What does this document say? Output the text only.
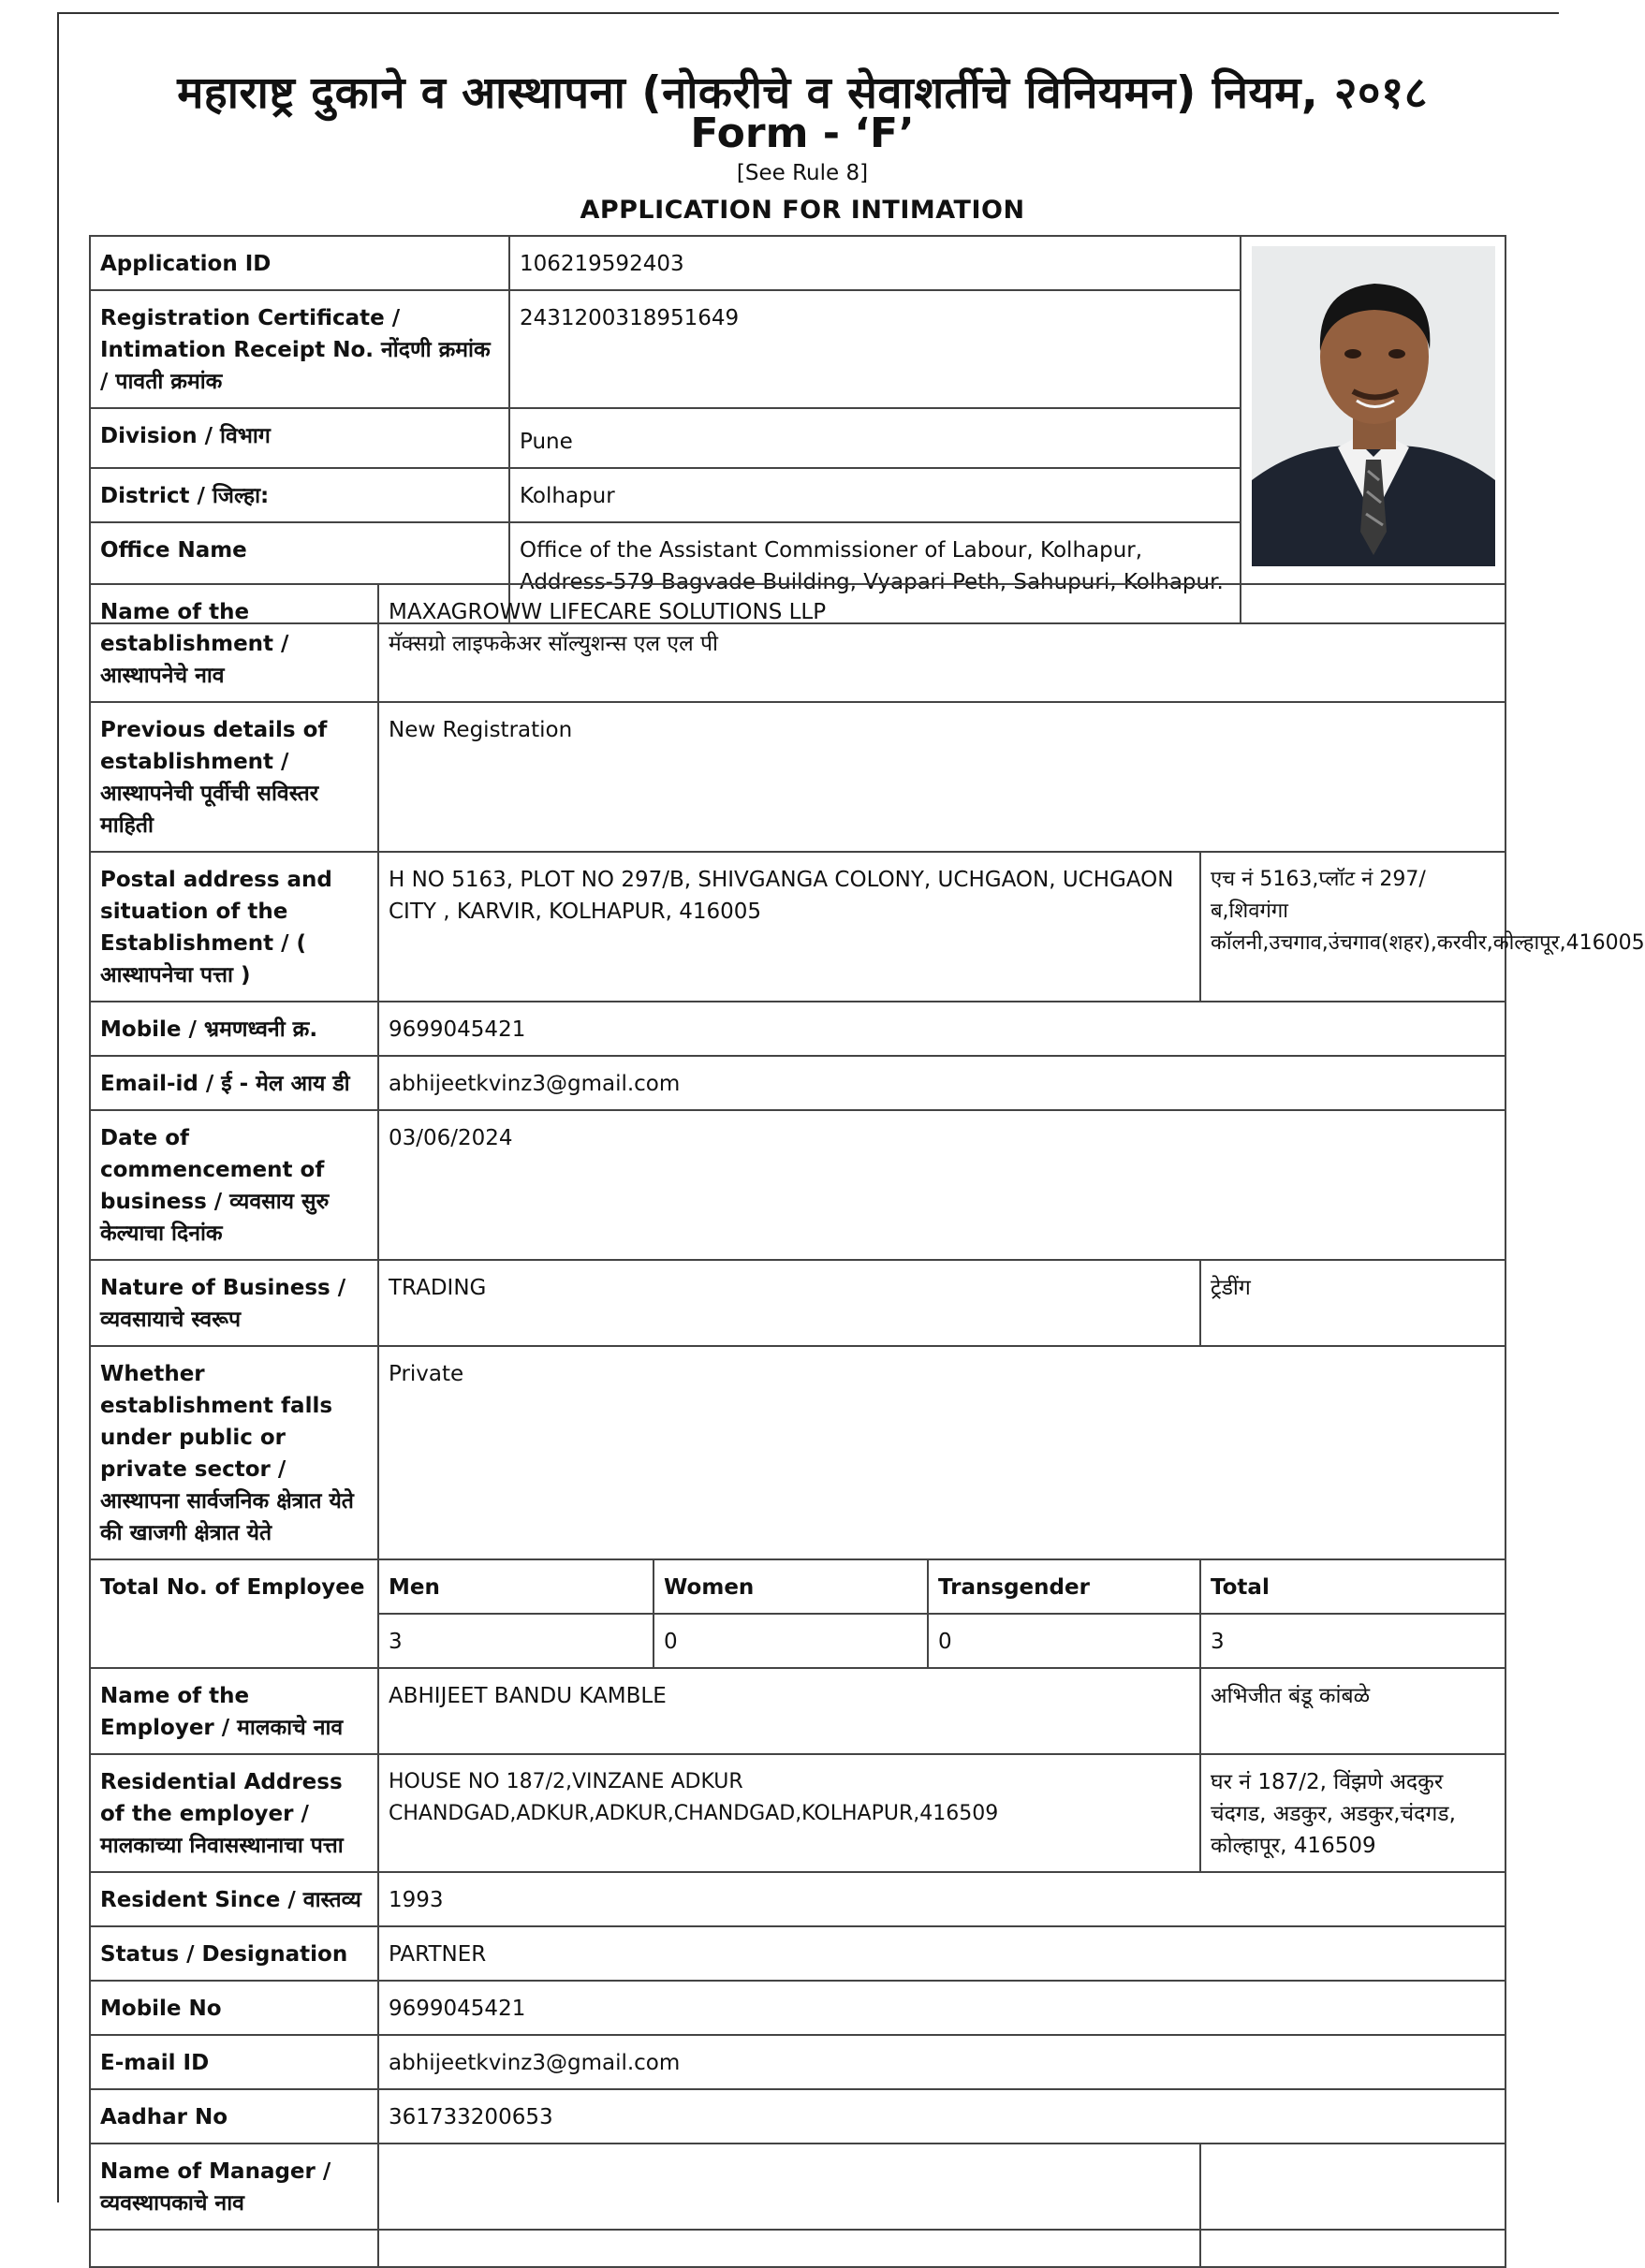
महाराष्ट्र दुकाने व आस्थापना (नोकरीचे व सेवाशर्तीचे विनियमन) नियम, २०१८
Form - ‘F’
[See Rule 8]
APPLICATION FOR INTIMATION
Application ID	106219592403	
Registration Certificate / Intimation Receipt No. नोंदणी क्रमांक / पावती क्रमांक	2431200318951649	
Division / विभाग	Pune	
District / जिल्हा:	Kolhapur	
Office Name	Office of the Assistant Commissioner of Labour, Kolhapur, Address-579 Bagvade Building, Vyapari Peth, Sahupuri, Kolhapur.	
Name of the establishment / आस्थापनेचे नाव	MAXAGROWW LIFECARE SOLUTIONS LLP
मॅक्सग्रो लाइफकेअर सॉल्युशन्स एल एल पी			

Previous details of establishment / आस्थापनेची पूर्वीची सविस्तर माहिती	New Registration			
Postal address and situation of the Establishment / ( आस्थापनेचा पत्ता )	H NO 5163, PLOT NO 297/B, SHIVGANGA COLONY, UCHGAON, UCHGAON CITY , KARVIR, KOLHAPUR, 416005			एच नं 5163,प्लॉट नं 297/ब,शिवगंगा कॉलनी,उचगाव,उंचगाव(शहर),करवीर,कोल्हापूर,416005
Mobile / भ्रमणध्वनी क्र.	9699045421			
Email-id / ई - मेल आय डी	abhijeetkvinz3@gmail.com			
Date of commencement of business / व्यवसाय सुरु केल्याचा दिनांक	03/06/2024			
Nature of Business / व्यवसायाचे स्वरूप	TRADING			ट्रेडींग
Whether establishment falls under public or private sector / आस्थापना सार्वजनिक क्षेत्रात येते की खाजगी क्षेत्रात येते	Private			
Total No. of Employee	Men	Women	Transgender	Total
	3	0	0	3
Name of the Employer / मालकाचे नाव	ABHIJEET BANDU KAMBLE			अभिजीत बंडू कांबळे
Residential Address of the employer / मालकाच्या निवासस्थानाचा पत्ता	HOUSE NO 187/2,VINZANE ADKUR CHANDGAD,ADKUR,ADKUR,CHANDGAD,KOLHAPUR,416509			घर नं 187/2, विंझणे अदकुर चंदगड, अडकुर, अडकुर,चंदगड, कोल्हापूर, 416509
Resident Since / वास्तव्य	1993			
Status / Designation	PARTNER			
Mobile No	9699045421			
E-mail ID	abhijeetkvinz3@gmail.com			
Aadhar No	361733200653			
Name of Manager / व्यवस्थापकाचे नाव				
